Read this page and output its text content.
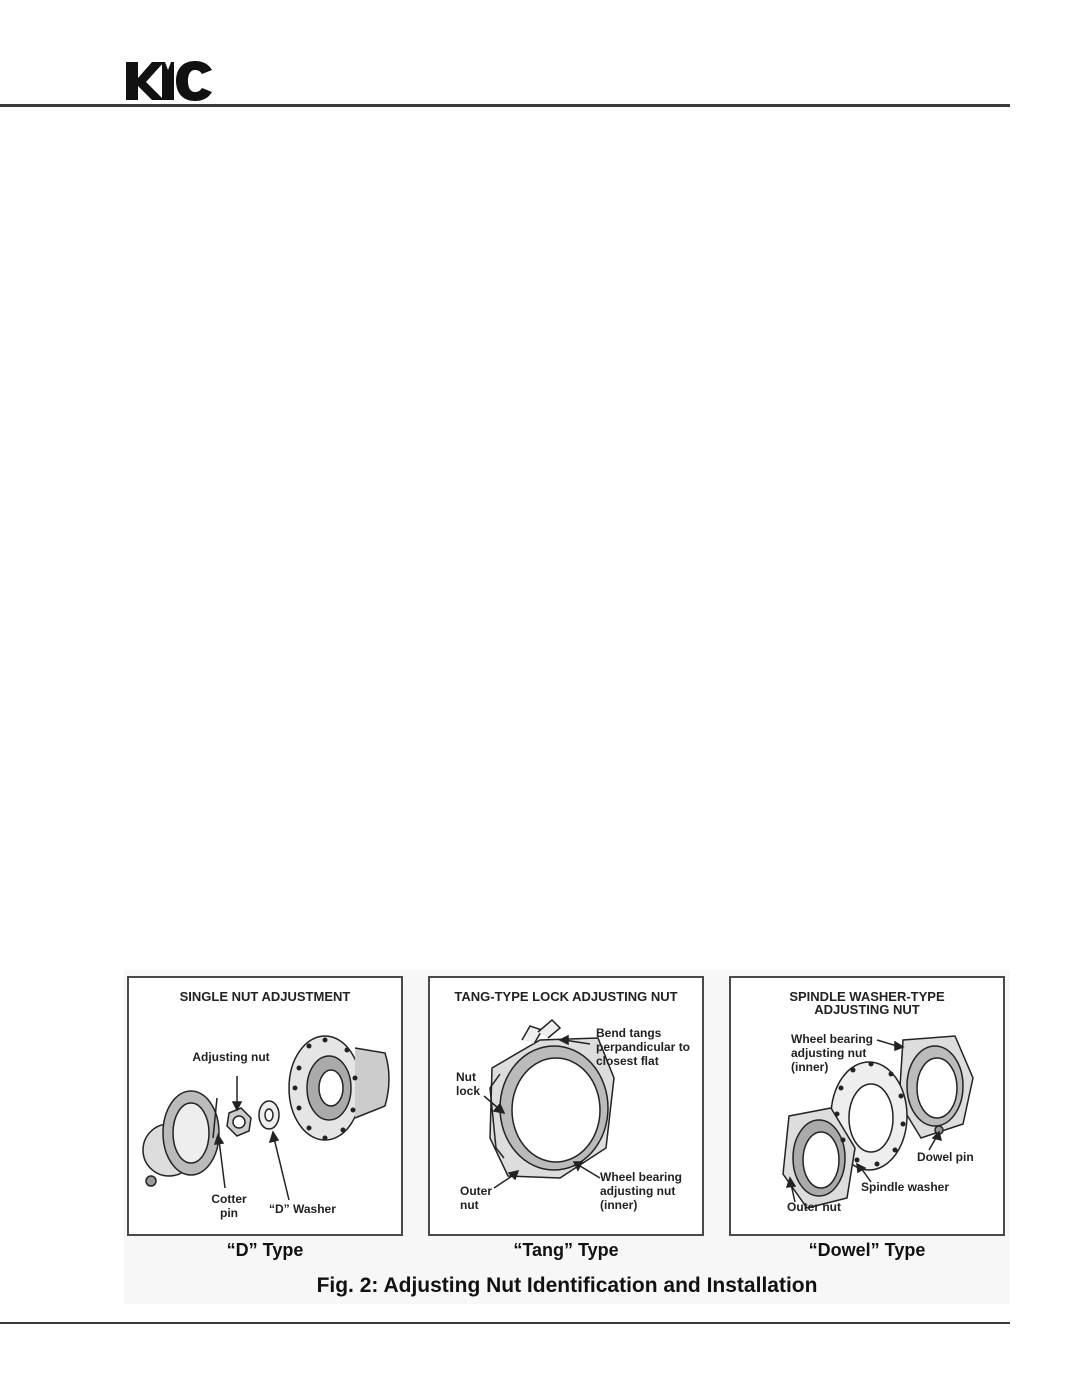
SINGLE NUT ADJUSTMENT
Adjusting nut
Cotter pin	“D” Washer
TANG-TYPE LOCK ADJUSTING NUT
Bend tangs perpandicular to closest flat
Nut lock
Outer nut
Wheel bearing adjusting nut (inner)
SPINDLE WASHER-TYPE ADJUSTING NUT
Wheel bearing adjusting nut (inner)
Dowel pin
Spindle washer
Outer nut
“D” Type	“Tang” Type	“Dowel” Type
Fig. 2: Adjusting Nut Identification and Installation
